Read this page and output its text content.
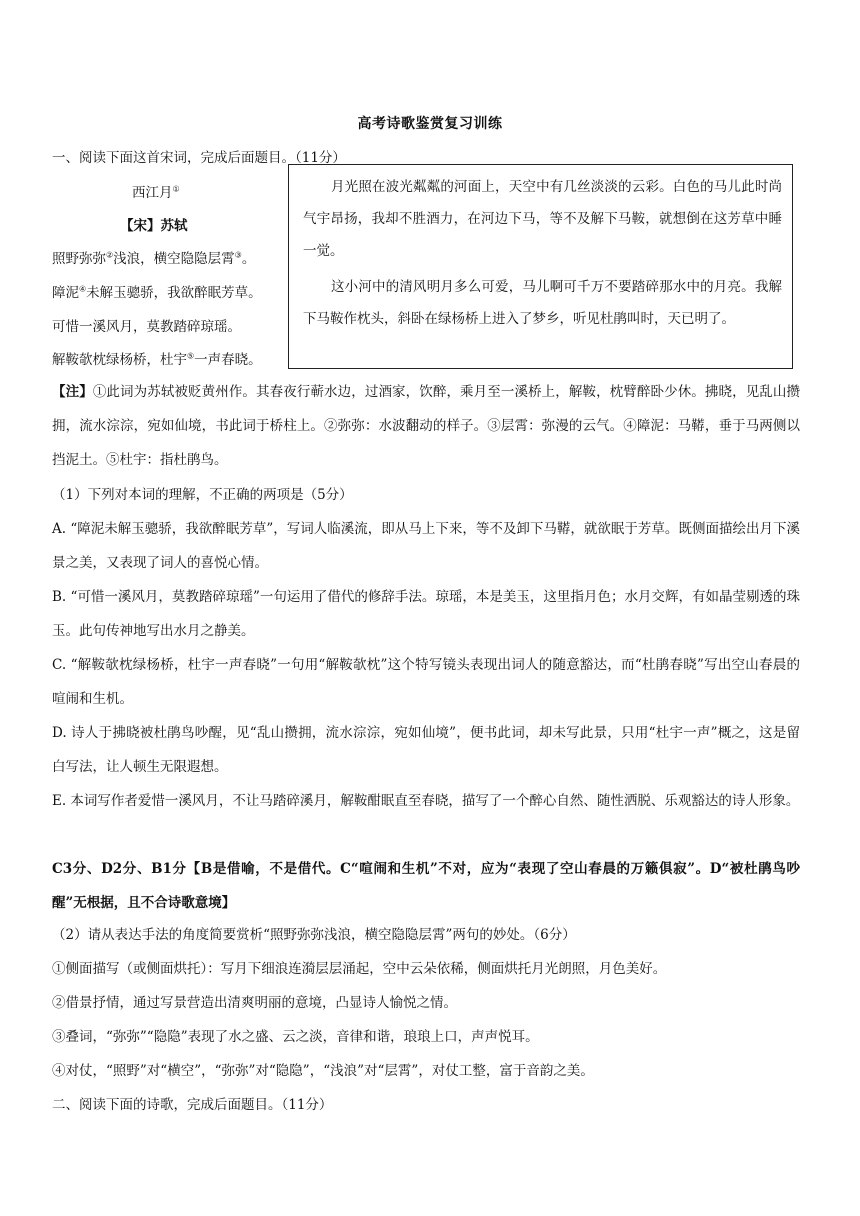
高考诗歌鉴赏复习训练
一、阅读下面这首宋词，完成后面题目。（11分）
西江月①
【宋】苏轼
照野弥弥②浅浪，横空隐隐层霄③。
障泥④未解玉骢骄，我欲醉眠芳草。
可惜一溪风月，莫教踏碎琼瑶。
解鞍欹枕绿杨桥，杜宇⑤一声春晓。

月光照在波光粼粼的河面上，天空中有几丝淡淡的云彩。白色的马儿此时尚气宇昂扬，我却不胜酒力，在河边下马，等不及解下马鞍，就想倒在这芳草中睡一觉。

这小河中的清风明月多么可爱，马儿啊可千万不要踏碎那水中的月亮。我解下马鞍作枕头，斜卧在绿杨桥上进入了梦乡，听见杜鹃叫时，天已明了。

【注】①此词为苏轼被贬黄州作。其春夜行蕲水边，过酒家，饮醉，乘月至一溪桥上，解鞍，枕臂醉卧少休。拂晓，见乱山攒拥，流水淙淙，宛如仙境，书此词于桥柱上。②弥弥：水波翻动的样子。③层霄：弥漫的云气。④障泥：马鞯，垂于马两侧以挡泥土。⑤杜宇：指杜鹃鸟。
（1）下列对本词的理解，不正确的两项是（5分）
A. “障泥未解玉骢骄，我欲醉眠芳草”，写词人临溪流，即从马上下来，等不及卸下马鞯，就欲眠于芳草。既侧面描绘出月下溪景之美，又表现了词人的喜悦心情。
B. “可惜一溪风月，莫教踏碎琼瑶”一句运用了借代的修辞手法。琼瑶，本是美玉，这里指月色；水月交辉，有如晶莹剔透的珠玉。此句传神地写出水月之静美。
C. “解鞍欹枕绿杨桥，杜宇一声春晓”一句用“解鞍欹枕”这个特写镜头表现出词人的随意豁达，而“杜鹃春晓”写出空山春晨的喧闹和生机。
D. 诗人于拂晓被杜鹃鸟吵醒，见“乱山攒拥，流水淙淙，宛如仙境”，便书此词，却未写此景，只用“杜宇一声”概之，这是留白写法，让人顿生无限遐想。
E. 本词写作者爱惜一溪风月，不让马踏碎溪月，解鞍酣眠直至春晓，描写了一个醉心自然、随性洒脱、乐观豁达的诗人形象。
C3分、D2分、B1分【B是借喻，不是借代。C“喧闹和生机”不对，应为“表现了空山春晨的万籁俱寂”。D“被杜鹃鸟吵醒”无根据，且不合诗歌意境】
（2）请从表达手法的角度简要赏析“照野弥弥浅浪，横空隐隐层霄”两句的妙处。（6分）
①侧面描写（或侧面烘托）：写月下细浪连漪层层涌起，空中云朵依稀，侧面烘托月光朗照，月色美好。
②借景抒情，通过写景营造出清爽明丽的意境，凸显诗人愉悦之情。
③叠词，“弥弥”“隐隐”表现了水之盛、云之淡，音律和谐，琅琅上口，声声悦耳。
④对仗，“照野”对“横空”，“弥弥”对“隐隐”，“浅浪”对“层霄”，对仗工整，富于音韵之美。
二、阅读下面的诗歌，完成后面题目。（11分）
